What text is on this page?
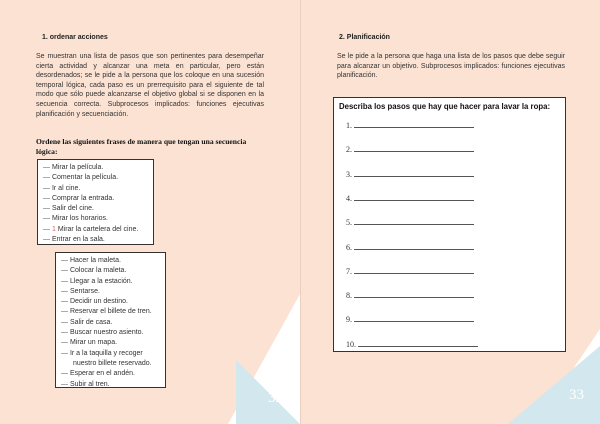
1. ordenar acciones
Se muestran una lista de pasos que son pertinentes para desempeñar cierta actividad y alcanzar una meta en particular, pero están desordenados; se le pide a la persona que los coloque en una sucesión temporal lógica, cada paso es un prerrequisito para el siguiente de tal modo que sólo puede alcanzarse el objetivo global si se disponen en la secuencia correcta. Subprocesos implicados: funciones ejecutivas planificación y secuenciación.
Ordene las siguientes frases de manera que tengan una secuencia lógica:
— Mirar la película.
— Comentar la película.
— Ir al cine.
— Comprar la entrada.
— Salir del cine.
— Mirar los horarios.
— 1 Mirar la cartelera del cine.
— Entrar en la sala.
— Hacer la maleta.
— Colocar la maleta.
— Llegar a la estación.
— Sentarse.
— Decidir un destino.
— Reservar el billete de tren.
— Salir de casa.
— Buscar nuestro asiento.
— Mirar un mapa.
— Ir a la taquilla y recoger
nuestro billete reservado.
— Esperar en el andén.
— Subir al tren.
32
2. Planificación
Se le pide a la persona que haga una lista de los pasos que debe seguir para alcanzar un objetivo. Subprocesos implicados: funciones ejecutivas planificación.
33
Describa los pasos que hay que hacer para lavar la ropa:
1.
2.
3.
4.
5.
6.
7.
8.
9.
10.
